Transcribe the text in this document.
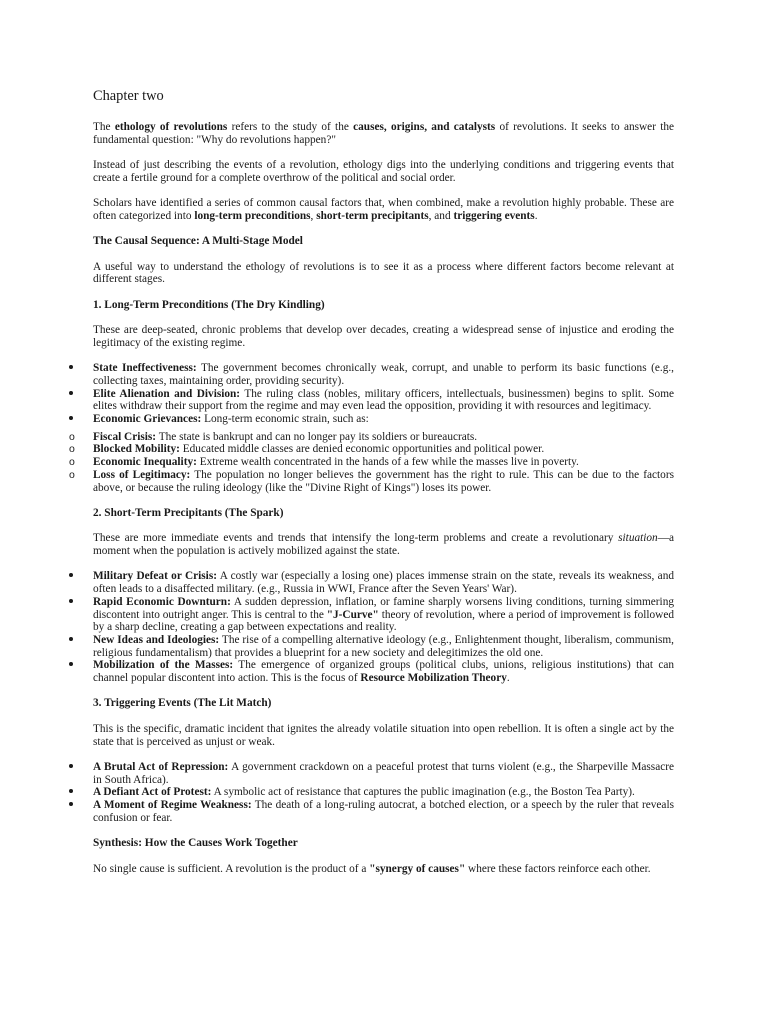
Chapter two

The ethology of revolutions refers to the study of the causes, origins, and catalysts of revolutions. It seeks to answer the fundamental question: "Why do revolutions happen?"

Instead of just describing the events of a revolution, ethology digs into the underlying conditions and triggering events that create a fertile ground for a complete overthrow of the political and social order.

Scholars have identified a series of common causal factors that, when combined, make a revolution highly probable. These are often categorized into long-term preconditions, short-term precipitants, and triggering events.

The Causal Sequence: A Multi-Stage Model

A useful way to understand the ethology of revolutions is to see it as a process where different factors become relevant at different stages.

1. Long-Term Preconditions (The Dry Kindling)

These are deep-seated, chronic problems that develop over decades, creating a widespread sense of injustice and eroding the legitimacy of the existing regime.

State Ineffectiveness: The government becomes chronically weak, corrupt, and unable to perform its basic functions (e.g., collecting taxes, maintaining order, providing security).
Elite Alienation and Division: The ruling class (nobles, military officers, intellectuals, businessmen) begins to split. Some elites withdraw their support from the regime and may even lead the opposition, providing it with resources and legitimacy.
Economic Grievances: Long-term economic strain, such as:
o Fiscal Crisis: The state is bankrupt and can no longer pay its soldiers or bureaucrats.
o Blocked Mobility: Educated middle classes are denied economic opportunities and political power.
o Economic Inequality: Extreme wealth concentrated in the hands of a few while the masses live in poverty.
o Loss of Legitimacy: The population no longer believes the government has the right to rule. This can be due to the factors above, or because the ruling ideology (like the "Divine Right of Kings") loses its power.
2. Short-Term Precipitants (The Spark)

These are more immediate events and trends that intensify the long-term problems and create a revolutionary situation—a moment when the population is actively mobilized against the state.

Military Defeat or Crisis: A costly war (especially a losing one) places immense strain on the state, reveals its weakness, and often leads to a disaffected military. (e.g., Russia in WWI, France after the Seven Years' War).
Rapid Economic Downturn: A sudden depression, inflation, or famine sharply worsens living conditions, turning simmering discontent into outright anger. This is central to the "J-Curve" theory of revolution, where a period of improvement is followed by a sharp decline, creating a gap between expectations and reality.
New Ideas and Ideologies: The rise of a compelling alternative ideology (e.g., Enlightenment thought, liberalism, communism, religious fundamentalism) that provides a blueprint for a new society and delegitimizes the old one.
Mobilization of the Masses: The emergence of organized groups (political clubs, unions, religious institutions) that can channel popular discontent into action. This is the focus of Resource Mobilization Theory.
3. Triggering Events (The Lit Match)

This is the specific, dramatic incident that ignites the already volatile situation into open rebellion. It is often a single act by the state that is perceived as unjust or weak.

A Brutal Act of Repression: A government crackdown on a peaceful protest that turns violent (e.g., the Sharpeville Massacre in South Africa).
A Defiant Act of Protest: A symbolic act of resistance that captures the public imagination (e.g., the Boston Tea Party).
A Moment of Regime Weakness: The death of a long-ruling autocrat, a botched election, or a speech by the ruler that reveals confusion or fear.
Synthesis: How the Causes Work Together

No single cause is sufficient. A revolution is the product of a "synergy of causes" where these factors reinforce each other.
